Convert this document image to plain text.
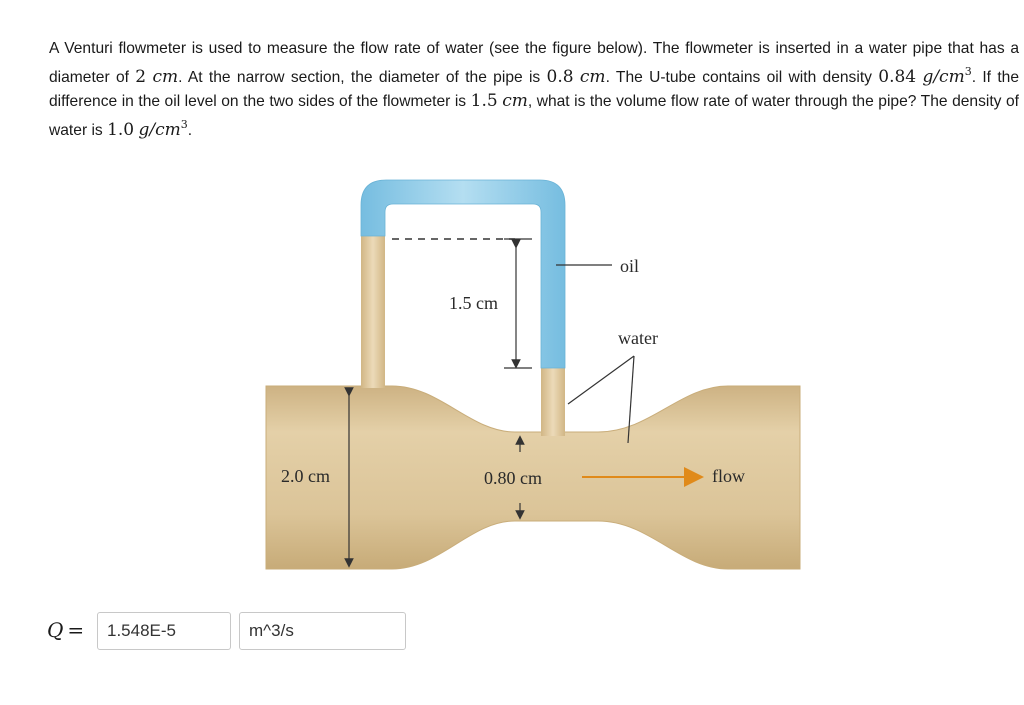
A Venturi flowmeter is used to measure the flow rate of water (see the figure below). The flowmeter is inserted in a water pipe that has a diameter of 2 cm. At the narrow section, the diameter of the pipe is 0.8 cm. The U-tube contains oil with density 0.84 $g/cm^3$. If the difference in the oil level on the two sides of the flowmeter is 1.5 cm, what is the volume flow rate of water through the pipe? The density of water is 1.0 $g/cm^3$.
1.5 cm
oil
water
2.0 cm	0.80 cm	flow
Q =	1.548E-5	m^3/s
